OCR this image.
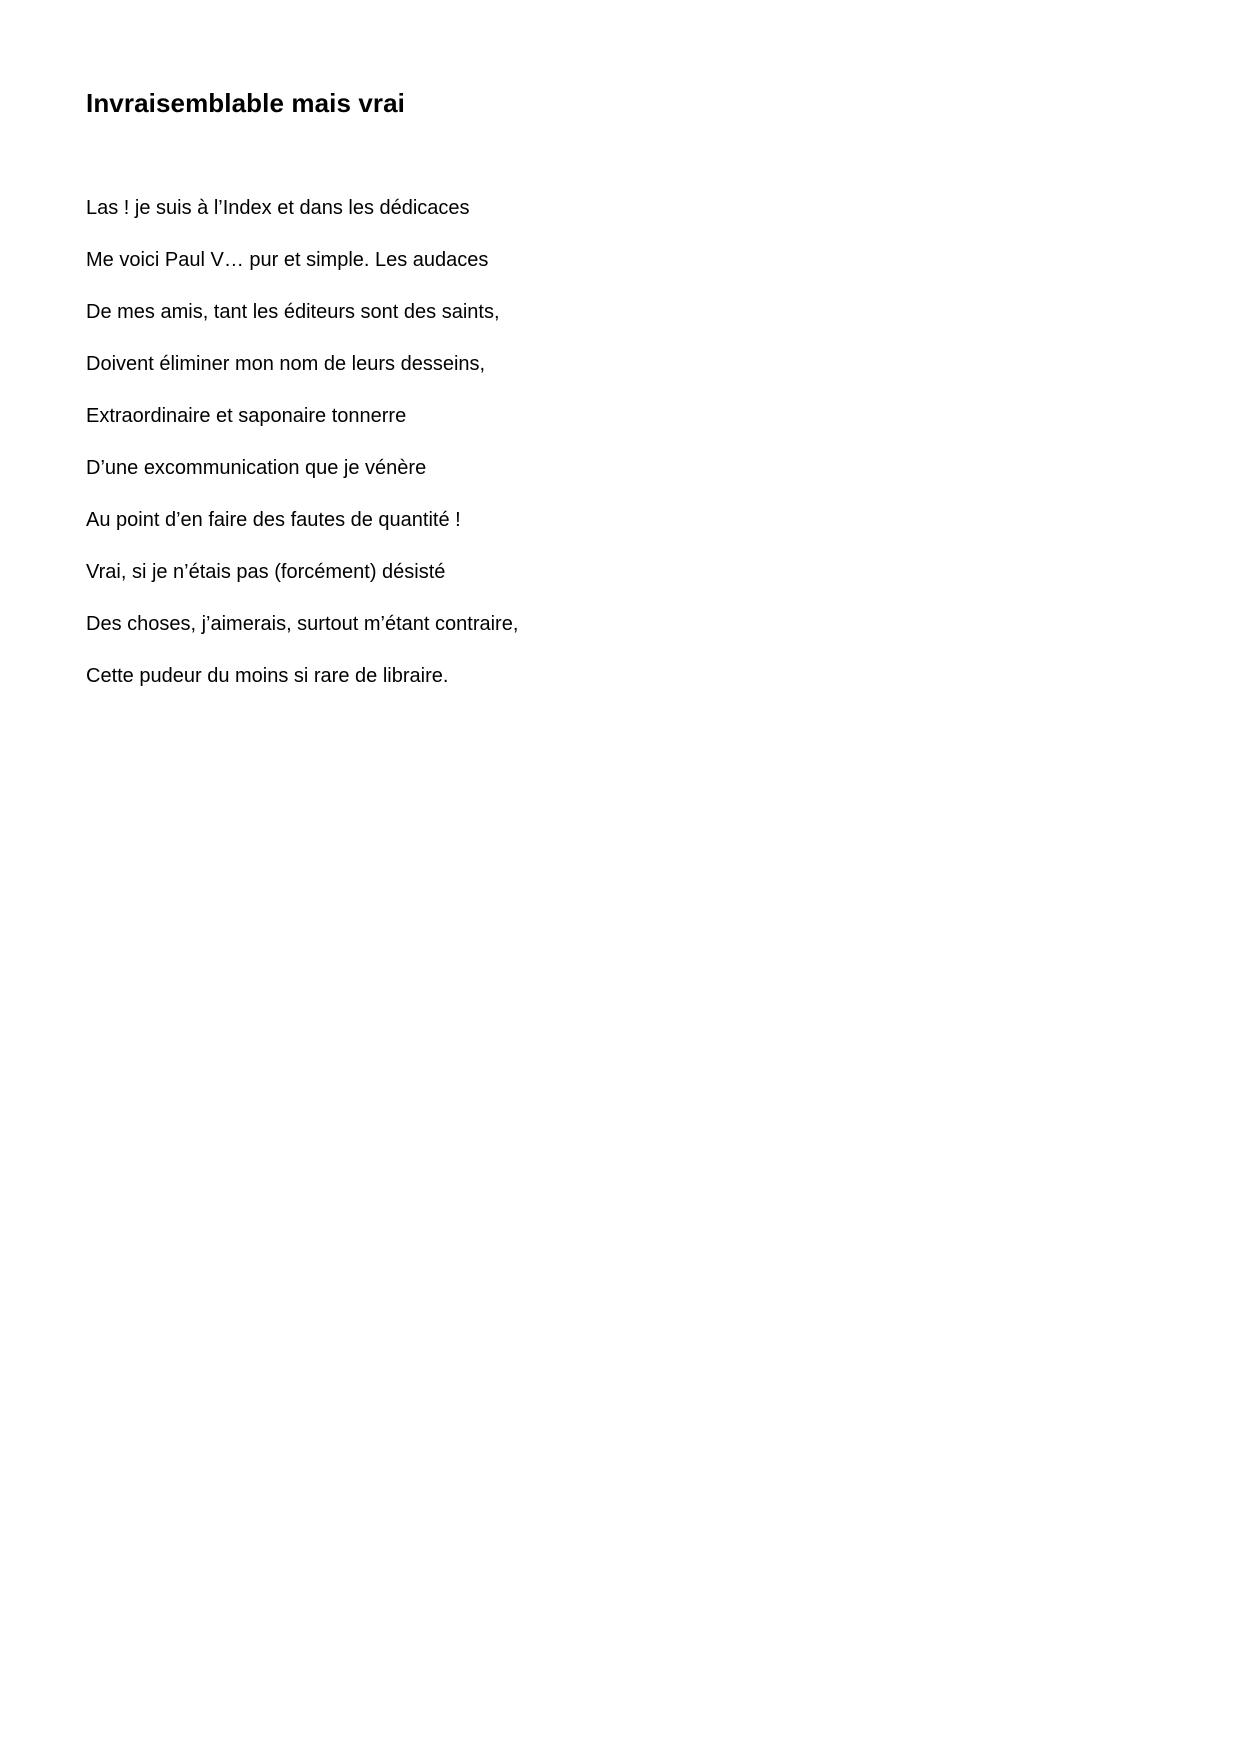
Invraisemblable mais vrai
Las ! je suis à l’Index et dans les dédicaces
Me voici Paul V… pur et simple. Les audaces
De mes amis, tant les éditeurs sont des saints,
Doivent éliminer mon nom de leurs desseins,
Extraordinaire et saponaire tonnerre
D’une excommunication que je vénère
Au point d’en faire des fautes de quantité !
Vrai, si je n’étais pas (forcément) désisté
Des choses, j’aimerais, surtout m’étant contraire,
Cette pudeur du moins si rare de libraire.
